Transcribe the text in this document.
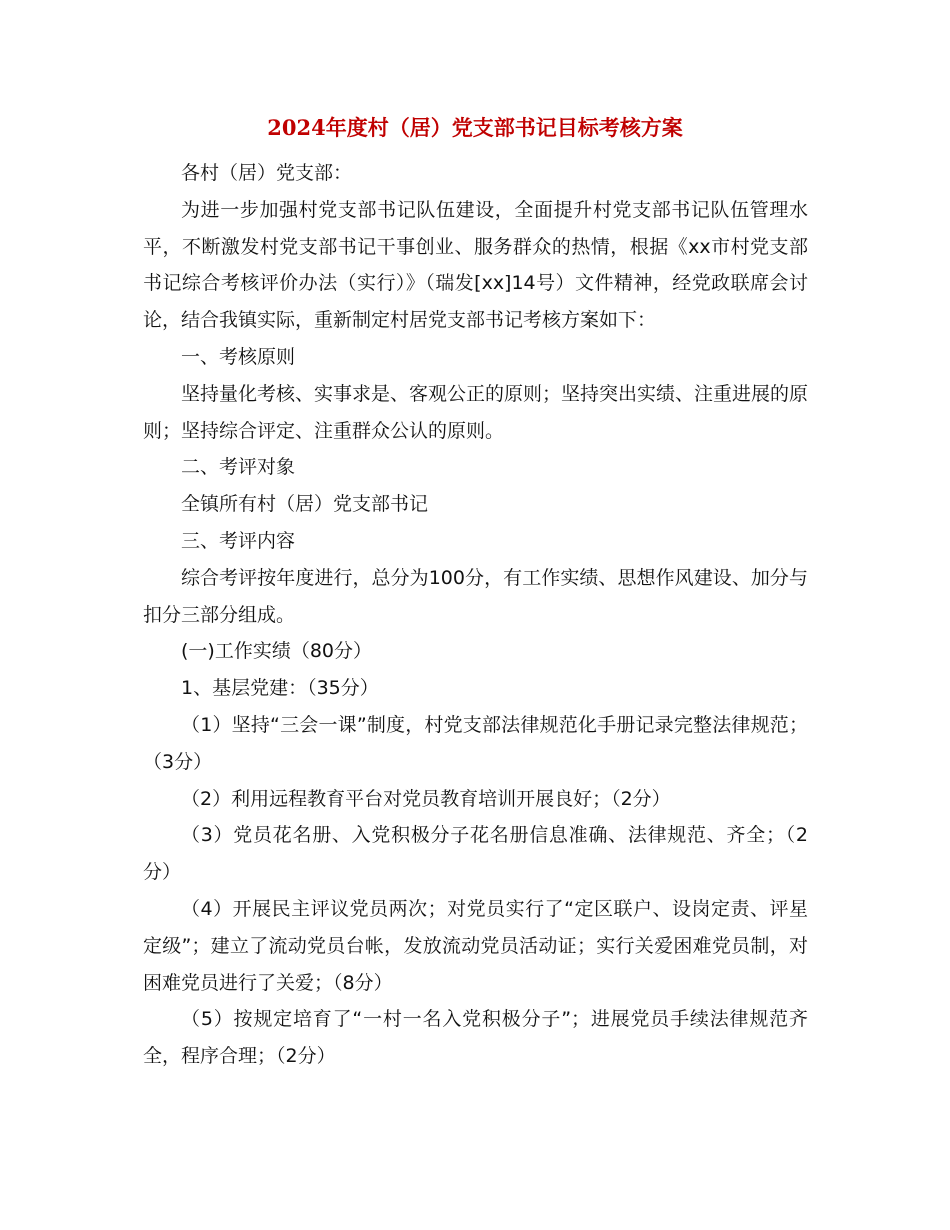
2024年度村（居）党支部书记目标考核方案

各村（居）党支部：

为进一步加强村党支部书记队伍建设，全面提升村党支部书记队伍管理水平，不断激发村党支部书记干事创业、服务群众的热情，根据《xx市村党支部书记综合考核评价办法（实行）》（瑞发[xx]14号）文件精神，经党政联席会讨论，结合我镇实际，重新制定村居党支部书记考核方案如下：

一、考核原则

坚持量化考核、实事求是、客观公正的原则；坚持突出实绩、注重进展的原则；坚持综合评定、注重群众公认的原则。

二、考评对象

全镇所有村（居）党支部书记

三、考评内容

综合考评按年度进行，总分为100分，有工作实绩、思想作风建设、加分与扣分三部分组成。

(一)工作实绩（80分）

1、基层党建：（35分）

（1）坚持“三会一课”制度，村党支部法律规范化手册记录完整法律规范；（3分）

（2）利用远程教育平台对党员教育培训开展良好；（2分）

（3）党员花名册、入党积极分子花名册信息准确、法律规范、齐全；（2分）

（4）开展民主评议党员两次；对党员实行了“定区联户、设岗定责、评星定级”；建立了流动党员台帐，发放流动党员活动证；实行关爱困难党员制，对困难党员进行了关爱；（8分）

（5）按规定培育了“一村一名入党积极分子”；进展党员手续法律规范齐全，程序合理；（2分）
